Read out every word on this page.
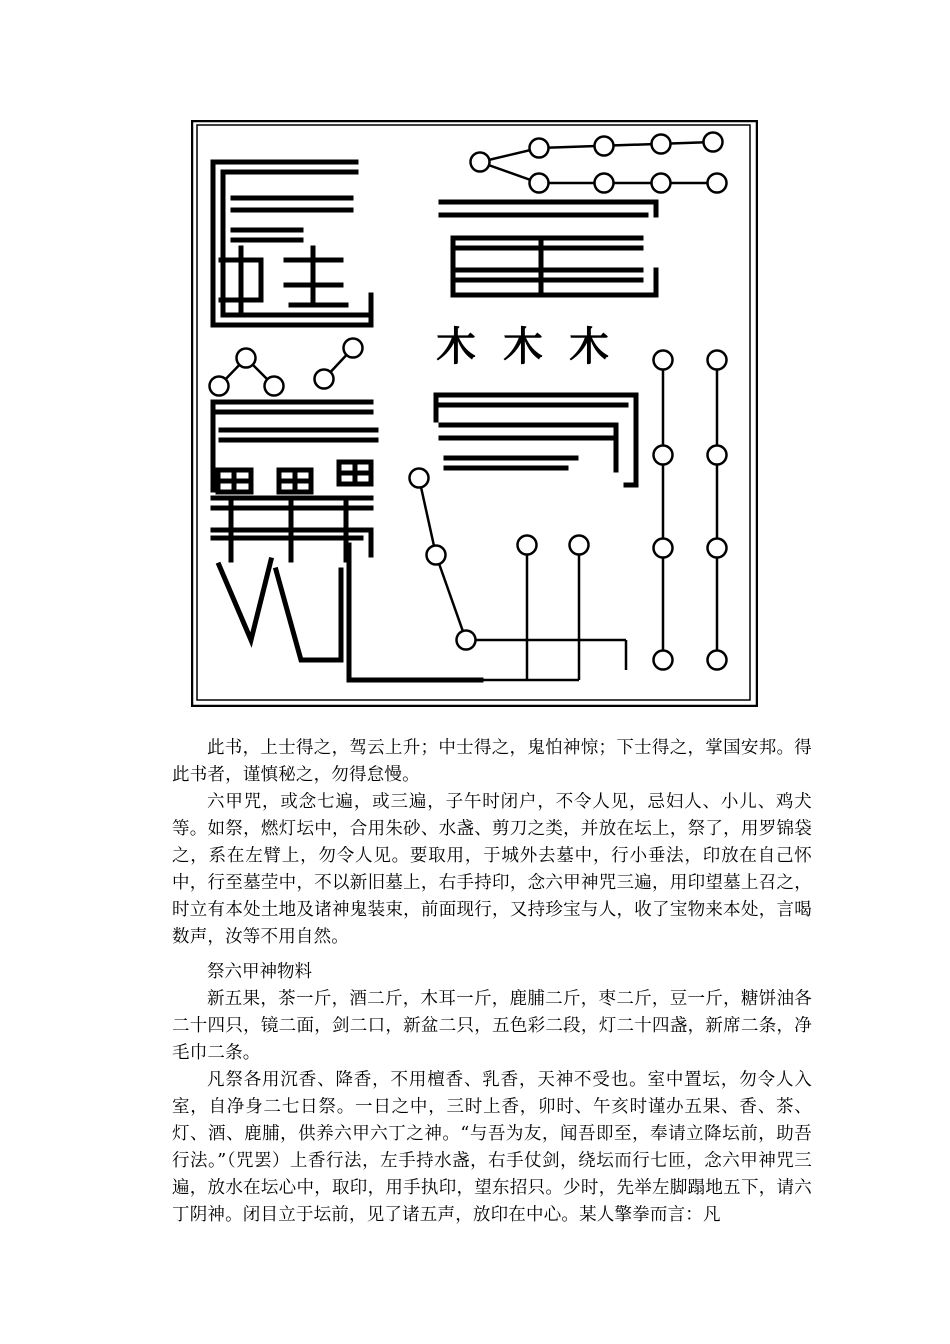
木 木 木

此书，上士得之，驾云上升；中士得之，鬼怕神惊；下士得之，掌国安邦。得此书者，谨慎秘之，勿得怠慢。

六甲咒，或念七遍，或三遍，子午时闭户，不令人见，忌妇人、小儿、鸡犬等。如祭，燃灯坛中，合用朱砂、水盏、剪刀之类，并放在坛上，祭了，用罗锦袋之，系在左臂上，勿令人见。要取用，于城外去墓中，行小垂法，印放在自己怀中，行至墓茔中，不以新旧墓上，右手持印，念六甲神咒三遍，用印望墓上召之，时立有本处土地及诸神鬼装束，前面现行，又持珍宝与人，收了宝物来本处，言喝数声，汝等不用自然。

祭六甲神物料

新五果，茶一斤，酒二斤，木耳一斤，鹿脯二斤，枣二斤，豆一斤，糖饼油各二十四只，镜二面，剑二口，新盆二只，五色彩二段，灯二十四盏，新席二条，净毛巾二条。

凡祭各用沉香、降香，不用檀香、乳香，天神不受也。室中置坛，勿令人入室，自净身二七日祭。一日之中，三时上香，卯时、午亥时谨办五果、香、茶、灯、酒、鹿脯，供养六甲六丁之神。“与吾为友，闻吾即至，奉请立降坛前，助吾行法。”（咒罢）上香行法，左手持水盏，右手仗剑，绕坛而行七匝，念六甲神咒三遍，放水在坛心中，取印，用手执印，望东招只。少时，先举左脚蹋地五下，请六丁阴神。闭目立于坛前，见了诸五声，放印在中心。某人擎拳而言：凡
